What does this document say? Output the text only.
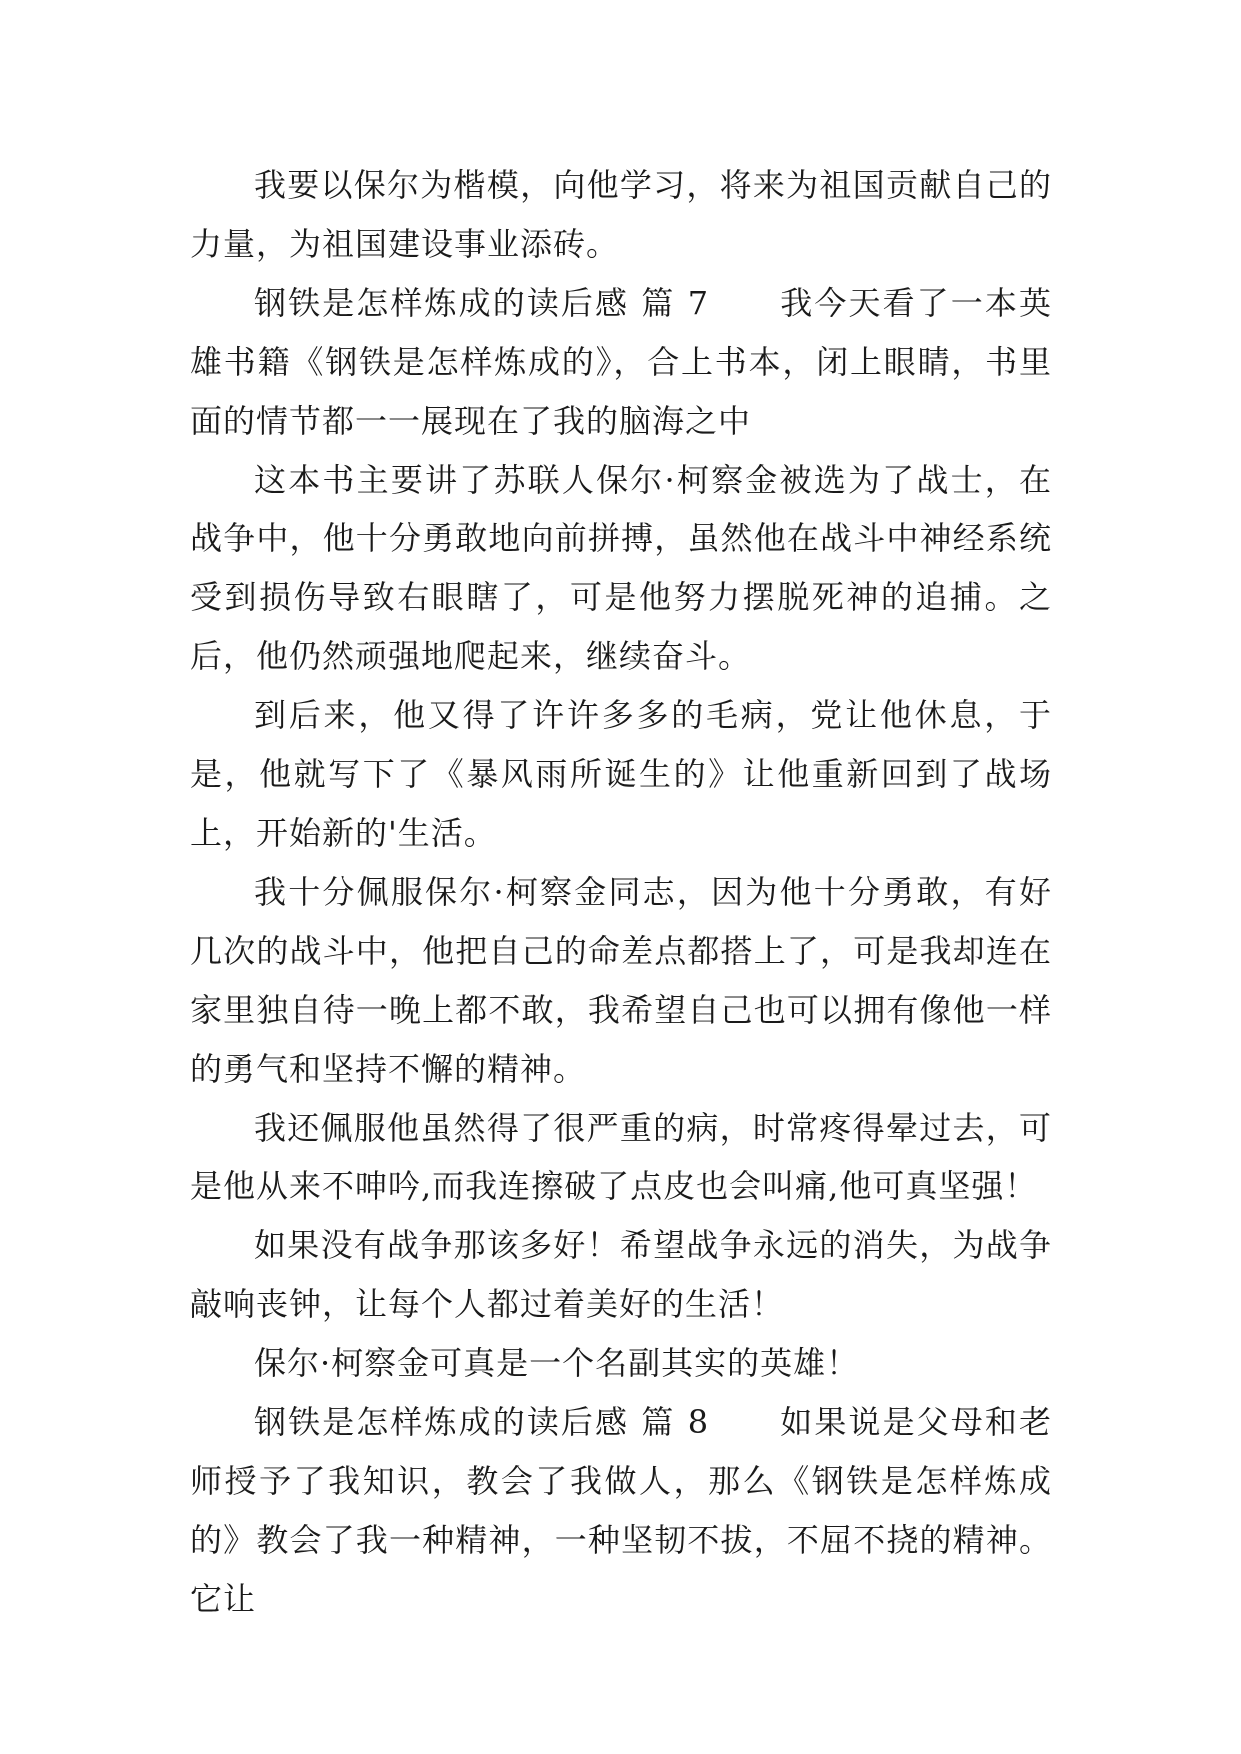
我要以保尔为楷模，向他学习，将来为祖国贡献自己的力量，为祖国建设事业添砖。

钢铁是怎样炼成的读后感 篇 7 我今天看了一本英雄书籍《钢铁是怎样炼成的》，合上书本，闭上眼睛，书里面的情节都一一展现在了我的脑海之中

这本书主要讲了苏联人保尔·柯察金被选为了战士，在战争中，他十分勇敢地向前拼搏，虽然他在战斗中神经系统受到损伤导致右眼瞎了，可是他努力摆脱死神的追捕。之后，他仍然顽强地爬起来，继续奋斗。

到后来，他又得了许许多多的毛病，党让他休息，于是，他就写下了《暴风雨所诞生的》让他重新回到了战场上，开始新的'生活。

我十分佩服保尔·柯察金同志，因为他十分勇敢，有好几次的战斗中，他把自己的命差点都搭上了，可是我却连在家里独自待一晚上都不敢，我希望自己也可以拥有像他一样的勇气和坚持不懈的精神。

我还佩服他虽然得了很严重的病，时常疼得晕过去，可是他从来不呻吟,而我连擦破了点皮也会叫痛,他可真坚强！

如果没有战争那该多好！希望战争永远的消失，为战争敲响丧钟，让每个人都过着美好的生活！

保尔·柯察金可真是一个名副其实的英雄！

钢铁是怎样炼成的读后感 篇 8 如果说是父母和老师授予了我知识，教会了我做人，那么《钢铁是怎样炼成的》教会了我一种精神，一种坚韧不拔，不屈不挠的精神。它让
